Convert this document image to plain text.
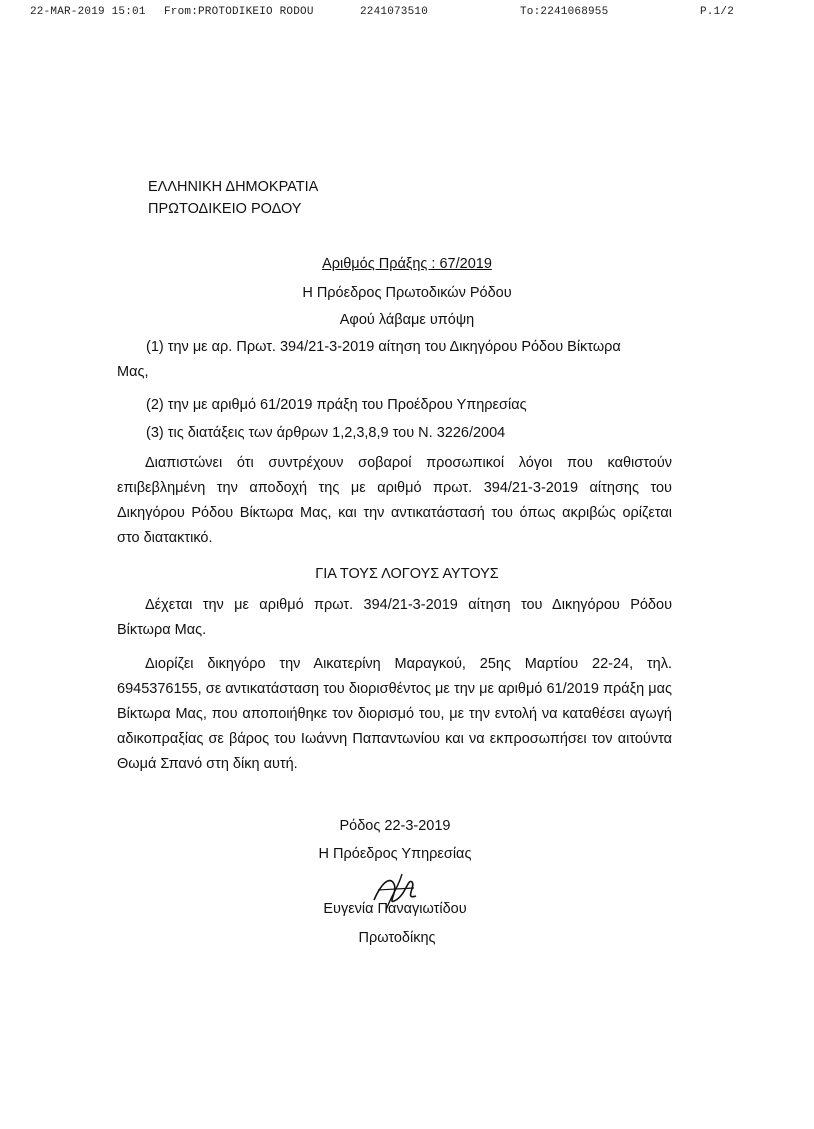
22-MAR-2019 15:01 From:PROTODIKEIO RODOU	2241073510	To:2241068955	P.1/2
ΕΛΛΗΝΙΚΗ ΔΗΜΟΚΡΑΤΙΑ
ΠΡΩΤΟΔΙΚΕΙΟ ΡΟΔΟΥ
Αριθμός Πράξης : 67/2019
Η Πρόεδρος Πρωτοδικών Ρόδου
Αφού λάβαμε υπόψη
(1) την με αρ. Πρωτ. 394/21-3-2019 αίτηση του Δικηγόρου Ρόδου Βίκτωρα
Μας,
(2) την με αριθμό 61/2019 πράξη του Προέδρου Υπηρεσίας
(3) τις διατάξεις των άρθρων 1,2,3,8,9 του Ν. 3226/2004
Διαπιστώνει ότι συντρέχουν σοβαροί προσωπικοί λόγοι που καθιστούν επιβεβλημένη την αποδοχή της με αριθμό πρωτ. 394/21-3-2019 αίτησης του Δικηγόρου Ρόδου Βίκτωρα Μας, και την αντικατάστασή του όπως ακριβώς ορίζεται στο διατακτικό.
ΓΙΑ ΤΟΥΣ ΛΟΓΟΥΣ ΑΥΤΟΥΣ
Δέχεται την με αριθμό πρωτ. 394/21-3-2019 αίτηση του Δικηγόρου Ρόδου Βίκτωρα Μας.
Διορίζει δικηγόρο την Αικατερίνη Μαραγκού, 25ης Μαρτίου 22-24, τηλ. 6945376155, σε αντικατάσταση του διορισθέντος με την με αριθμό 61/2019 πράξη μας Βίκτωρα Μας, που αποποιήθηκε τον διορισμό του, με την εντολή να καταθέσει αγωγή αδικοπραξίας σε βάρος του Ιωάννη Παπαντωνίου και να εκπροσωπήσει τον αιτούντα Θωμά Σπανό στη δίκη αυτή.
Ρόδος 22-3-2019
Η Πρόεδρος Υπηρεσίας
Ευγενία Παναγιωτίδου
Πρωτοδίκης
